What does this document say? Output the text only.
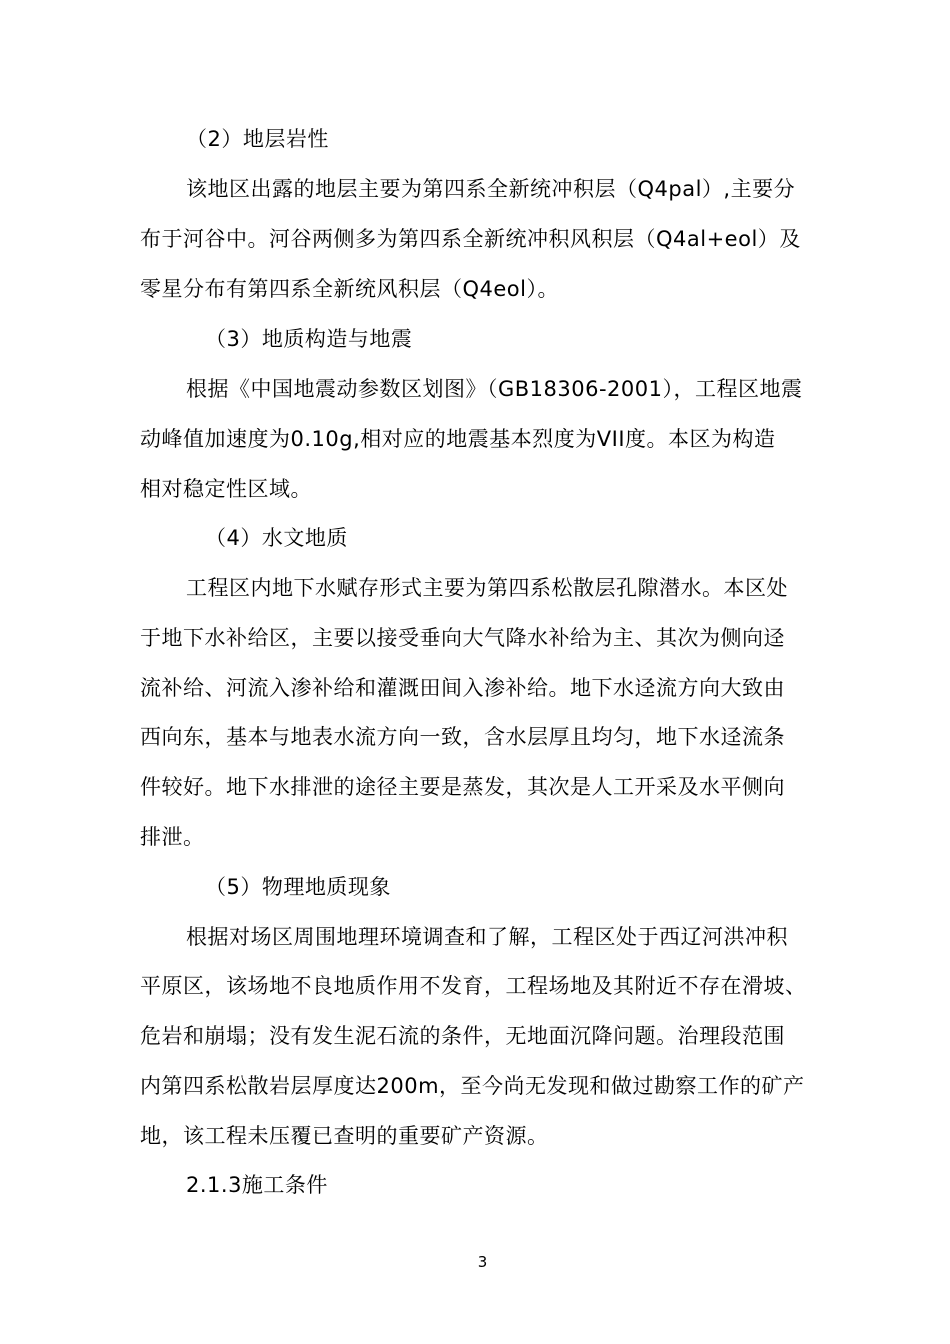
（2）地层岩性
该地区出露的地层主要为第四系全新统冲积层（Q4pal）,主要分
布于河谷中。河谷两侧多为第四系全新统冲积风积层（Q4al+eol）及
零星分布有第四系全新统风积层（Q4eol）。
（3）地质构造与地震
根据《中国地震动参数区划图》（GB18306-2001），工程区地震
动峰值加速度为0.10g,相对应的地震基本烈度为VII度。本区为构造
相对稳定性区域。
（4）水文地质
工程区内地下水赋存形式主要为第四系松散层孔隙潜水。本区处
于地下水补给区，主要以接受垂向大气降水补给为主、其次为侧向迳
流补给、河流入渗补给和灌溉田间入渗补给。地下水迳流方向大致由
西向东，基本与地表水流方向一致，含水层厚且均匀，地下水迳流条
件较好。地下水排泄的途径主要是蒸发，其次是人工开采及水平侧向
排泄。
（5）物理地质现象
根据对场区周围地理环境调查和了解，工程区处于西辽河洪冲积
平原区，该场地不良地质作用不发育，工程场地及其附近不存在滑坡、
危岩和崩塌；没有发生泥石流的条件，无地面沉降问题。治理段范围
内第四系松散岩层厚度达200m，至今尚无发现和做过勘察工作的矿产
地，该工程未压覆已查明的重要矿产资源。
2.1.3施工条件
3
